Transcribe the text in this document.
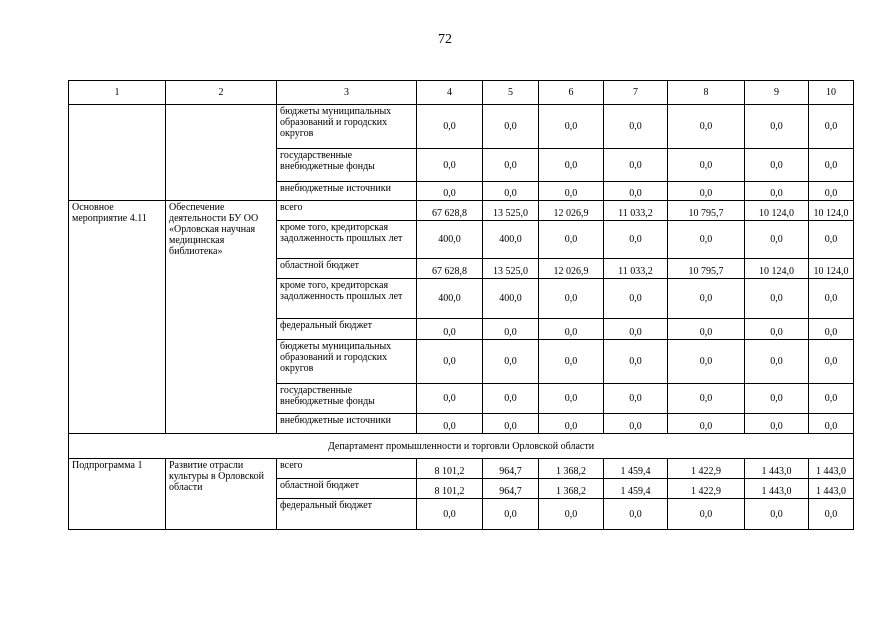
72
1	2	3	4	5	6	7	8	9	10
		бюджеты муниципальных образований и городских округов	0,0	0,0	0,0	0,0	0,0	0,0	0,0
		государственные внебюджетные фонды	0,0	0,0	0,0	0,0	0,0	0,0	0,0
		внебюджетные источники	0,0	0,0	0,0	0,0	0,0	0,0	0,0
Основное мероприятие 4.11	Обеспечение деятельности БУ ОО «Орловская научная медицинская библиотека»	всего	67 628,8	13 525,0	12 026,9	11 033,2	10 795,7	10 124,0	10 124,0
		кроме того, кредиторская задолженность прошлых лет	400,0	400,0	0,0	0,0	0,0	0,0	0,0
		областной бюджет	67 628,8	13 525,0	12 026,9	11 033,2	10 795,7	10 124,0	10 124,0
		кроме того, кредиторская задолженность прошлых лет	400,0	400,0	0,0	0,0	0,0	0,0	0,0
		федеральный бюджет	0,0	0,0	0,0	0,0	0,0	0,0	0,0
		бюджеты муниципальных образований и городских округов	0,0	0,0	0,0	0,0	0,0	0,0	0,0
		государственные внебюджетные фонды	0,0	0,0	0,0	0,0	0,0	0,0	0,0
		внебюджетные источники	0,0	0,0	0,0	0,0	0,0	0,0	0,0
Департамент промышленности и торговли Орловской области									
Подпрограмма 1	Развитие отрасли культуры в Орловской области	всего	8 101,2	964,7	1 368,2	1 459,4	1 422,9	1 443,0	1 443,0
		областной бюджет	8 101,2	964,7	1 368,2	1 459,4	1 422,9	1 443,0	1 443,0
		федеральный бюджет	0,0	0,0	0,0	0,0	0,0	0,0	0,0
